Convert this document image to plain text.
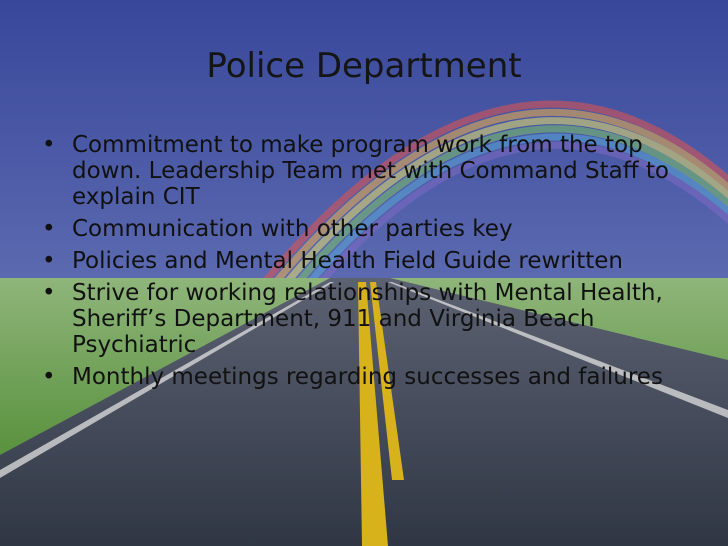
Police Department
• Commitment to make program work from the top down. Leadership Team met with Command Staff to explain CIT
• Communication with other parties key
• Policies and Mental Health Field Guide rewritten
• Strive for working relationships with Mental Health, Sheriff’s Department, 911 and Virginia Beach Psychiatric
• Monthly meetings regarding successes and failures
